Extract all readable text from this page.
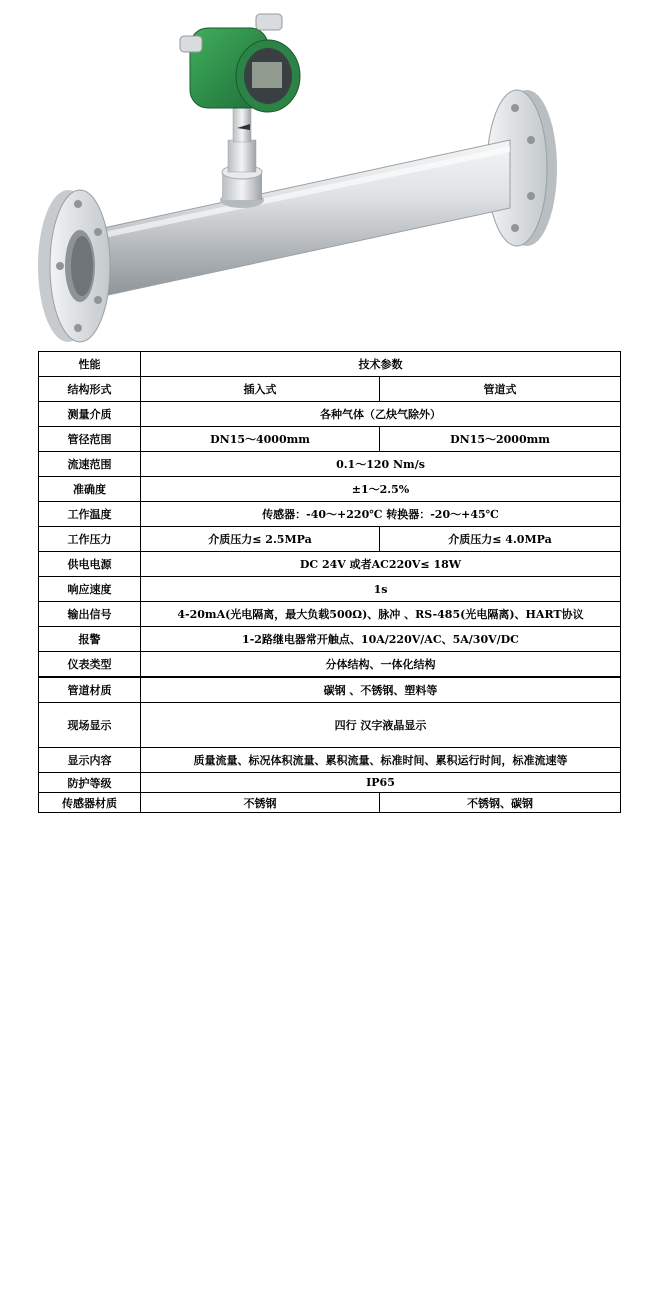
性能	技术参数	
结构形式	插入式	管道式
测量介质	各种气体（乙炔气除外）	
管径范围	DN15～4000mm	DN15～2000mm
流速范围	0.1～120 Nm/s	
准确度	±1～2.5%	
工作温度	传感器：-40～+220℃ 转换器：-20～+45℃	
工作压力	介质压力≤ 2.5MPa	介质压力≤ 4.0MPa
供电电源	DC 24V 或者AC220V≤ 18W	
响应速度	1s	
输出信号	4-20mA(光电隔离，最大负载500Ω)、脉冲 、RS-485(光电隔离)、HART协议	
报警	1-2路继电器常开触点、10A/220V/AC、5A/30V/DC	
仪表类型	分体结构、一体化结构	
管道材质	碳钢 、不锈钢、塑料等	
现场显示	四行 汉字液晶显示	
显示内容	质量流量、标况体积流量、累积流量、标准时间、累积运行时间，标准流速等	
防护等级	IP65	
传感器材质	不锈钢	不锈钢、碳钢
